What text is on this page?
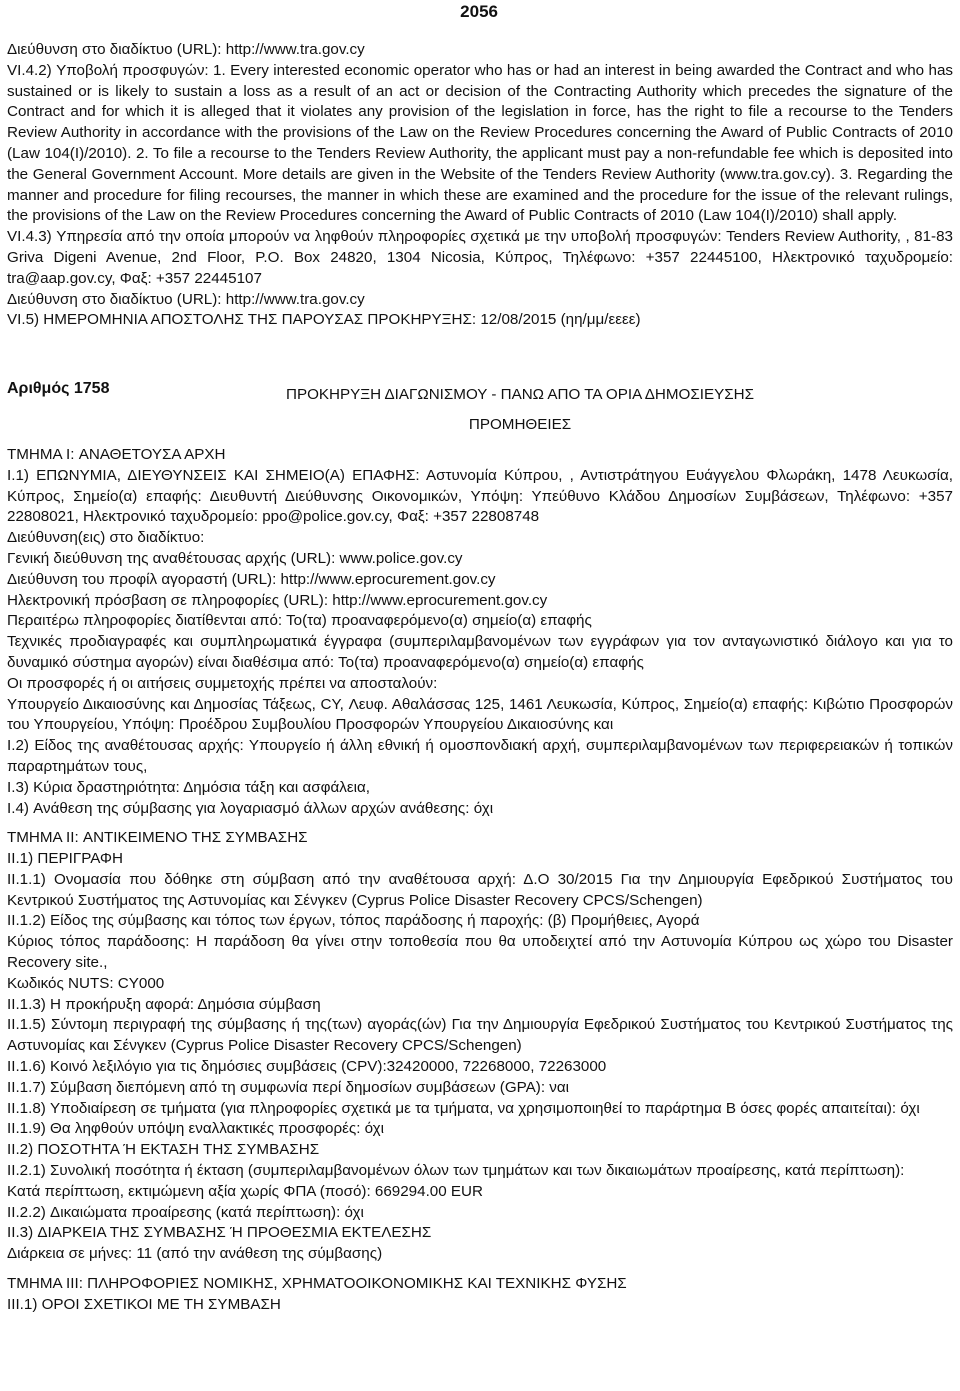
2056

Διεύθυνση στο διαδίκτυο (URL): http://www.tra.gov.cy

VI.4.2) Υποβολή προσφυγών: 1. Every interested economic operator who has or had an interest in being awarded the Contract and who has sustained or is likely to sustain a loss as a result of an act or decision of the Contracting Authority which precedes the signature of the Contract and for which it is alleged that it violates any provision of the legislation in force, has the right to file a recourse to the Tenders Review Authority in accordance with the provisions of the Law on the Review Procedures concerning the Award of Public Contracts of 2010 (Law 104(I)/2010). 2. To file a recourse to the Tenders Review Authority, the applicant must pay a non-refundable fee which is deposited into the General Government Account. More details are given in the Website of the Tenders Review Authority (www.tra.gov.cy). 3. Regarding the manner and procedure for filing recourses, the manner in which these are examined and the procedure for the issue of the relevant rulings, the provisions of the Law on the Review Procedures concerning the Award of Public Contracts of 2010 (Law 104(I)/2010) shall apply.

VI.4.3) Υπηρεσία από την οποία μπορούν να ληφθούν πληροφορίες σχετικά με την υποβολή προσφυγών: Tenders Review Authority, , 81-83 Griva Digeni Avenue, 2nd Floor, P.O. Box 24820, 1304 Nicosia, Κύπρος, Τηλέφωνο: +357 22445100, Ηλεκτρονικό ταχυδρομείο: tra@aap.gov.cy, Φαξ: +357 22445107

Διεύθυνση στο διαδίκτυο (URL): http://www.tra.gov.cy

VI.5) ΗΜΕΡΟΜΗΝΙΑ ΑΠΟΣΤΟΛΗΣ ΤΗΣ ΠΑΡΟΥΣΑΣ ΠΡΟΚΗΡΥΞΗΣ: 12/08/2015 (ηη/μμ/εεεε)

Αριθμός 1758	ΠΡΟΚΗΡΥΞΗ ΔΙΑΓΩΝΙΣΜΟΥ - ΠΑΝΩ ΑΠΟ ΤΑ ΟΡΙΑ ΔΗΜΟΣΙΕΥΣΗΣ

ΠΡΟΜΗΘΕΙΕΣ

ΤΜΗΜΑ I: ΑΝΑΘΕΤΟΥΣΑ ΑΡΧΗ

I.1) ΕΠΩΝΥΜΙΑ, ΔΙΕΥΘΥΝΣΕΙΣ ΚΑΙ ΣΗΜΕΙΟ(Α) ΕΠΑΦΗΣ: Αστυνομία Κύπρου, , Αντιστράτηγου Ευάγγελου Φλωράκη, 1478 Λευκωσία, Κύπρος, Σημείο(α) επαφής: Διευθυντή Διεύθυνσης Οικονομικών, Υπόψη: Υπεύθυνο Κλάδου Δημοσίων Συμβάσεων, Τηλέφωνο: +357 22808021, Ηλεκτρονικό ταχυδρομείο: ppo@police.gov.cy, Φαξ: +357 22808748

Διεύθυνση(εις) στο διαδίκτυο:

Γενική διεύθυνση της αναθέτουσας αρχής (URL): www.police.gov.cy

Διεύθυνση του προφίλ αγοραστή (URL): http://www.eprocurement.gov.cy

Ηλεκτρονική πρόσβαση σε πληροφορίες (URL): http://www.eprocurement.gov.cy

Περαιτέρω πληροφορίες διατίθενται από: Το(τα) προαναφερόμενο(α) σημείο(α) επαφής

Τεχνικές προδιαγραφές και συμπληρωματικά έγγραφα (συμπεριλαμβανομένων των εγγράφων για τον ανταγωνιστικό διάλογο και για το δυναμικό σύστημα αγορών) είναι διαθέσιμα από: Το(τα) προαναφερόμενο(α) σημείο(α) επαφής

Οι προσφορές ή οι αιτήσεις συμμετοχής πρέπει να αποσταλούν:

Υπουργείο Δικαιοσύνης και Δημοσίας Τάξεως, CY, Λευφ. Αθαλάσσας 125, 1461 Λευκωσία, Κύπρος, Σημείο(α) επαφής: Κιβώτιο Προσφορών του Υπουργείου, Υπόψη: Προέδρου Συμβουλίου Προσφορών Υπουργείου Δικαιοσύνης και

I.2) Είδος της αναθέτουσας αρχής: Υπουργείο ή άλλη εθνική ή ομοσπονδιακή αρχή, συμπεριλαμβανομένων των περιφερειακών ή τοπικών παραρτημάτων τους,

I.3) Κύρια δραστηριότητα: Δημόσια τάξη και ασφάλεια,

I.4) Ανάθεση της σύμβασης για λογαριασμό άλλων αρχών ανάθεσης: όχι

ΤΜΗΜΑ II: ΑΝΤΙΚΕΙΜΕΝΟ ΤΗΣ ΣΥΜΒΑΣΗΣ

II.1) ΠΕΡΙΓΡΑΦΗ

II.1.1) Ονομασία που δόθηκε στη σύμβαση από την αναθέτουσα αρχή: Δ.Ο 30/2015 Για την Δημιουργία Εφεδρικού Συστήματος του Κεντρικού Συστήματος της Αστυνομίας και Σένγκεν (Cyprus Police Disaster Recovery CPCS/Schengen)

II.1.2) Είδος της σύμβασης και τόπος των έργων, τόπος παράδοσης ή παροχής: (β) Προμήθειες, Αγορά

Κύριος τόπος παράδοσης: Η παράδοση θα γίνει στην τοποθεσία που θα υποδειχτεί από την Αστυνομία Κύπρου ως χώρο του Disaster Recovery site.,

Κωδικός NUTS: CY000

II.1.3) Η προκήρυξη αφορά: Δημόσια σύμβαση

II.1.5) Σύντομη περιγραφή της σύμβασης ή της(των) αγοράς(ών) Για την Δημιουργία Εφεδρικού Συστήματος του Κεντρικού Συστήματος της Αστυνομίας και Σένγκεν (Cyprus Police Disaster Recovery CPCS/Schengen)

II.1.6) Κοινό λεξιλόγιο για τις δημόσιες συμβάσεις (CPV):32420000, 72268000, 72263000

II.1.7) Σύμβαση διεπόμενη από τη συμφωνία περί δημοσίων συμβάσεων (GPA): ναι

II.1.8) Υποδιαίρεση σε τμήματα (για πληροφορίες σχετικά με τα τμήματα, να χρησιμοποιηθεί το παράρτημα Β όσες φορές απαιτείται): όχι

II.1.9) Θα ληφθούν υπόψη εναλλακτικές προσφορές: όχι

II.2) ΠΟΣΟΤΗΤΑ Ή ΕΚΤΑΣΗ ΤΗΣ ΣΥΜΒΑΣΗΣ

II.2.1) Συνολική ποσότητα ή έκταση (συμπεριλαμβανομένων όλων των τμημάτων και των δικαιωμάτων προαίρεσης, κατά περίπτωση):

Κατά περίπτωση, εκτιμώμενη αξία χωρίς ΦΠΑ (ποσό): 669294.00 EUR

II.2.2) Δικαιώματα προαίρεσης (κατά περίπτωση): όχι

II.3) ΔΙΑΡΚΕΙΑ ΤΗΣ ΣΥΜΒΑΣΗΣ Ή ΠΡΟΘΕΣΜΙΑ ΕΚΤΕΛΕΣΗΣ

Διάρκεια σε μήνες: 11 (από την ανάθεση της σύμβασης)

ΤΜΗΜΑ III: ΠΛΗΡΟΦΟΡΙΕΣ ΝΟΜΙΚΗΣ, ΧΡΗΜΑΤΟΟΙΚΟΝΟΜΙΚΗΣ ΚΑΙ ΤΕΧΝΙΚΗΣ ΦΥΣΗΣ

III.1) ΟΡΟΙ ΣΧΕΤΙΚΟΙ ΜΕ ΤΗ ΣΥΜΒΑΣΗ
